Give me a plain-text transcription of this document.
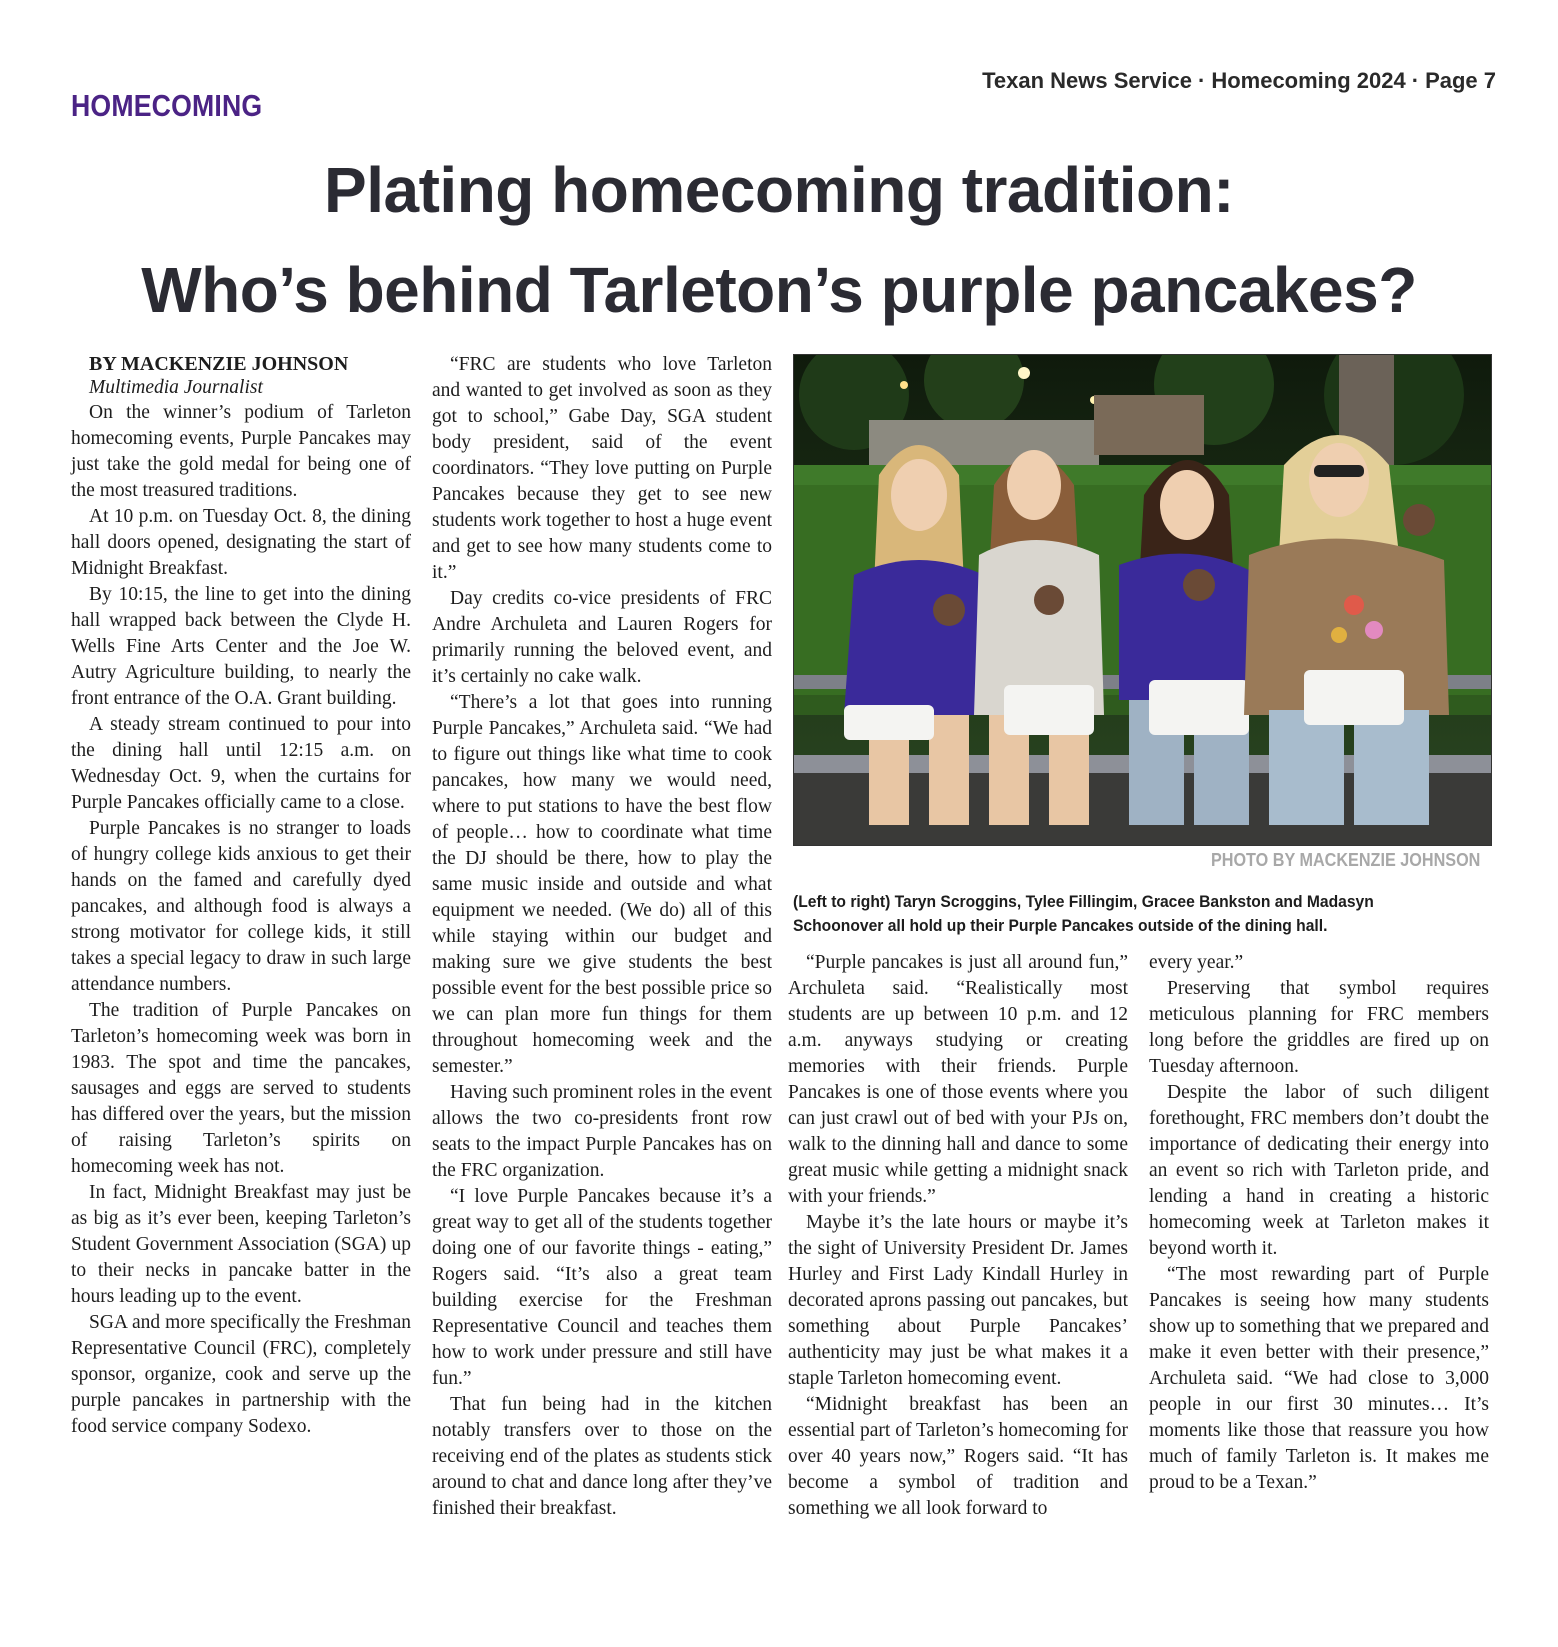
HOMECOMING
Texan News Service · Homecoming 2024 · Page 7
Plating homecoming tradition:
Who’s behind Tarleton’s purple pancakes?

BY MACKENZIE JOHNSON

Multimedia Journalist

On the winner’s podium of Tarleton homecoming events, Purple Pancakes may just take the gold medal for being one of the most treasured traditions.

At 10 p.m. on Tuesday Oct. 8, the dining hall doors opened, designating the start of Midnight Breakfast.

By 10:15, the line to get into the dining hall wrapped back between the Clyde H. Wells Fine Arts Center and the Joe W. Autry Agriculture building, to nearly the front entrance of the O.A. Grant building.

A steady stream continued to pour into the dining hall until 12:15 a.m. on Wednesday Oct. 9, when the curtains for Purple Pancakes officially came to a close.

Purple Pancakes is no stranger to loads of hungry college kids anxious to get their hands on the famed and carefully dyed pancakes, and although food is always a strong motivator for college kids, it still takes a special legacy to draw in such large attendance numbers.

The tradition of Purple Pancakes on Tarleton’s homecoming week was born in 1983. The spot and time the pancakes, sausages and eggs are served to students has differed over the years, but the mission of raising Tarleton’s spirits on homecoming week has not.

In fact, Midnight Breakfast may just be as big as it’s ever been, keeping Tarleton’s Student Government Association (SGA) up to their necks in pancake batter in the hours leading up to the event.

SGA and more specifically the Freshman Representative Council (FRC), completely sponsor, organize, cook and serve up the purple pancakes in partnership with the food service company Sodexo.

“FRC are students who love Tarleton and wanted to get involved as soon as they got to school,” Gabe Day, SGA student body president, said of the event coordinators. “They love putting on Purple Pancakes because they get to see new students work together to host a huge event and get to see how many students come to it.”

Day credits co-vice presidents of FRC Andre Archuleta and Lauren Rogers for primarily running the beloved event, and it’s certainly no cake walk.

“There’s a lot that goes into running Purple Pancakes,” Archuleta said. “We had to figure out things like what time to cook pancakes, how many we would need, where to put stations to have the best flow of people… how to coordinate what time the DJ should be there, how to play the same music inside and outside and what equipment we needed. (We do) all of this while staying within our budget and making sure we give students the best possible event for the best possible price so we can plan more fun things for them throughout homecoming week and the semester.”

Having such prominent roles in the event allows the two co-presidents front row seats to the impact Purple Pancakes has on the FRC organization.

“I love Purple Pancakes because it’s a great way to get all of the students together doing one of our favorite things - eating,” Rogers said. “It’s also a great team building exercise for the Freshman Representative Council and teaches them how to work under pressure and still have fun.”

That fun being had in the kitchen notably transfers over to those on the receiving end of the plates as students stick around to chat and dance long after they’ve finished their breakfast.

PHOTO BY MACKENZIE JOHNSON
(Left to right) Taryn Scroggins, Tylee Fillingim, Gracee Bankston and Madasyn Schoonover all hold up their Purple Pancakes outside of the dining hall.

“Purple pancakes is just all around fun,” Archuleta said. “Realistically most students are up between 10 p.m. and 12 a.m. anyways studying or creating memories with their friends. Purple Pancakes is one of those events where you can just crawl out of bed with your PJs on, walk to the dinning hall and dance to some great music while getting a midnight snack with your friends.”

Maybe it’s the late hours or maybe it’s the sight of University President Dr. James Hurley and First Lady Kindall Hurley in decorated aprons passing out pancakes, but something about Purple Pancakes’ authenticity may just be what makes it a staple Tarleton homecoming event.

“Midnight breakfast has been an essential part of Tarleton’s homecoming for over 40 years now,” Rogers said. “It has become a symbol of tradition and something we all look forward to

every year.”

Preserving that symbol requires meticulous planning for FRC members long before the griddles are fired up on Tuesday afternoon.

Despite the labor of such diligent forethought, FRC members don’t doubt the importance of dedicating their energy into an event so rich with Tarleton pride, and lending a hand in creating a historic homecoming week at Tarleton makes it beyond worth it.

“The most rewarding part of Purple Pancakes is seeing how many students show up to something that we prepared and make it even better with their presence,” Archuleta said. “We had close to 3,000 people in our first 30 minutes… It’s moments like those that reassure you how much of family Tarleton is. It makes me proud to be a Texan.”
